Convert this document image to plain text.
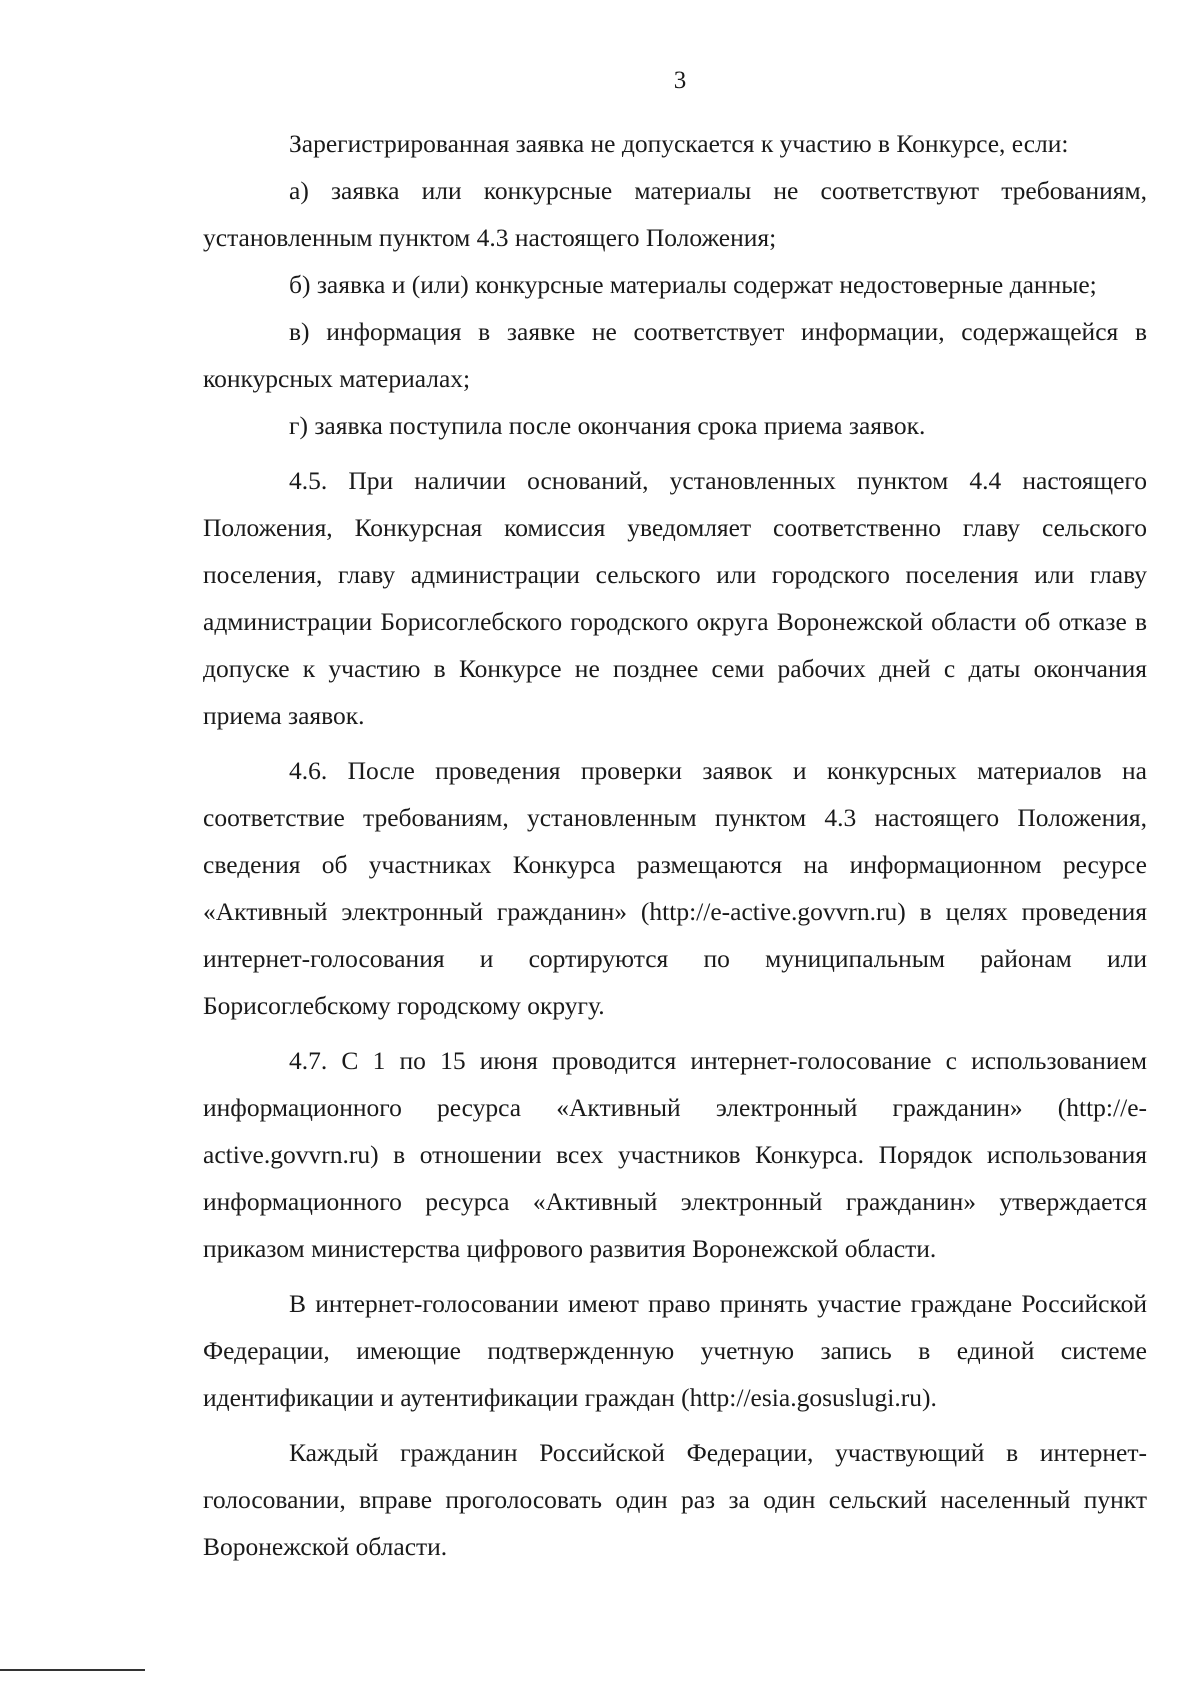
3

Зарегистрированная заявка не допускается к участию в Конкурсе, если:

а) заявка или конкурсные материалы не соответствуют требованиям, установленным пунктом 4.3 настоящего Положения;

б) заявка и (или) конкурсные материалы содержат недостоверные данные;

в) информация в заявке не соответствует информации, содержащейся в конкурсных материалах;

г) заявка поступила после окончания срока приема заявок.

4.5. При наличии оснований, установленных пунктом 4.4 настоящего Положения, Конкурсная комиссия уведомляет соответственно главу сельского поселения, главу администрации сельского или городского поселения или главу администрации Борисоглебского городского округа Воронежской области об отказе в допуске к участию в Конкурсе не позднее семи рабочих дней с даты окончания приема заявок.

4.6. После проведения проверки заявок и конкурсных материалов на соответствие требованиям, установленным пунктом 4.3 настоящего Положения, сведения об участниках Конкурса размещаются на информационном ресурсе «Активный электронный гражданин» (http://e-active.govvrn.ru) в целях проведения интернет-голосования и сортируются по муниципальным районам или Борисоглебскому городскому округу.

4.7. С 1 по 15 июня проводится интернет-голосование с использованием информационного ресурса «Активный электронный гражданин» (http://e-active.govvrn.ru) в отношении всех участников Конкурса. Порядок использования информационного ресурса «Активный электронный гражданин» утверждается приказом министерства цифрового развития Воронежской области.

В интернет-голосовании имеют право принять участие граждане Российской Федерации, имеющие подтвержденную учетную запись в единой системе идентификации и аутентификации граждан (http://esia.gosuslugi.ru).

Каждый гражданин Российской Федерации, участвующий в интернет-голосовании, вправе проголосовать один раз за один сельский населенный пункт Воронежской области.
